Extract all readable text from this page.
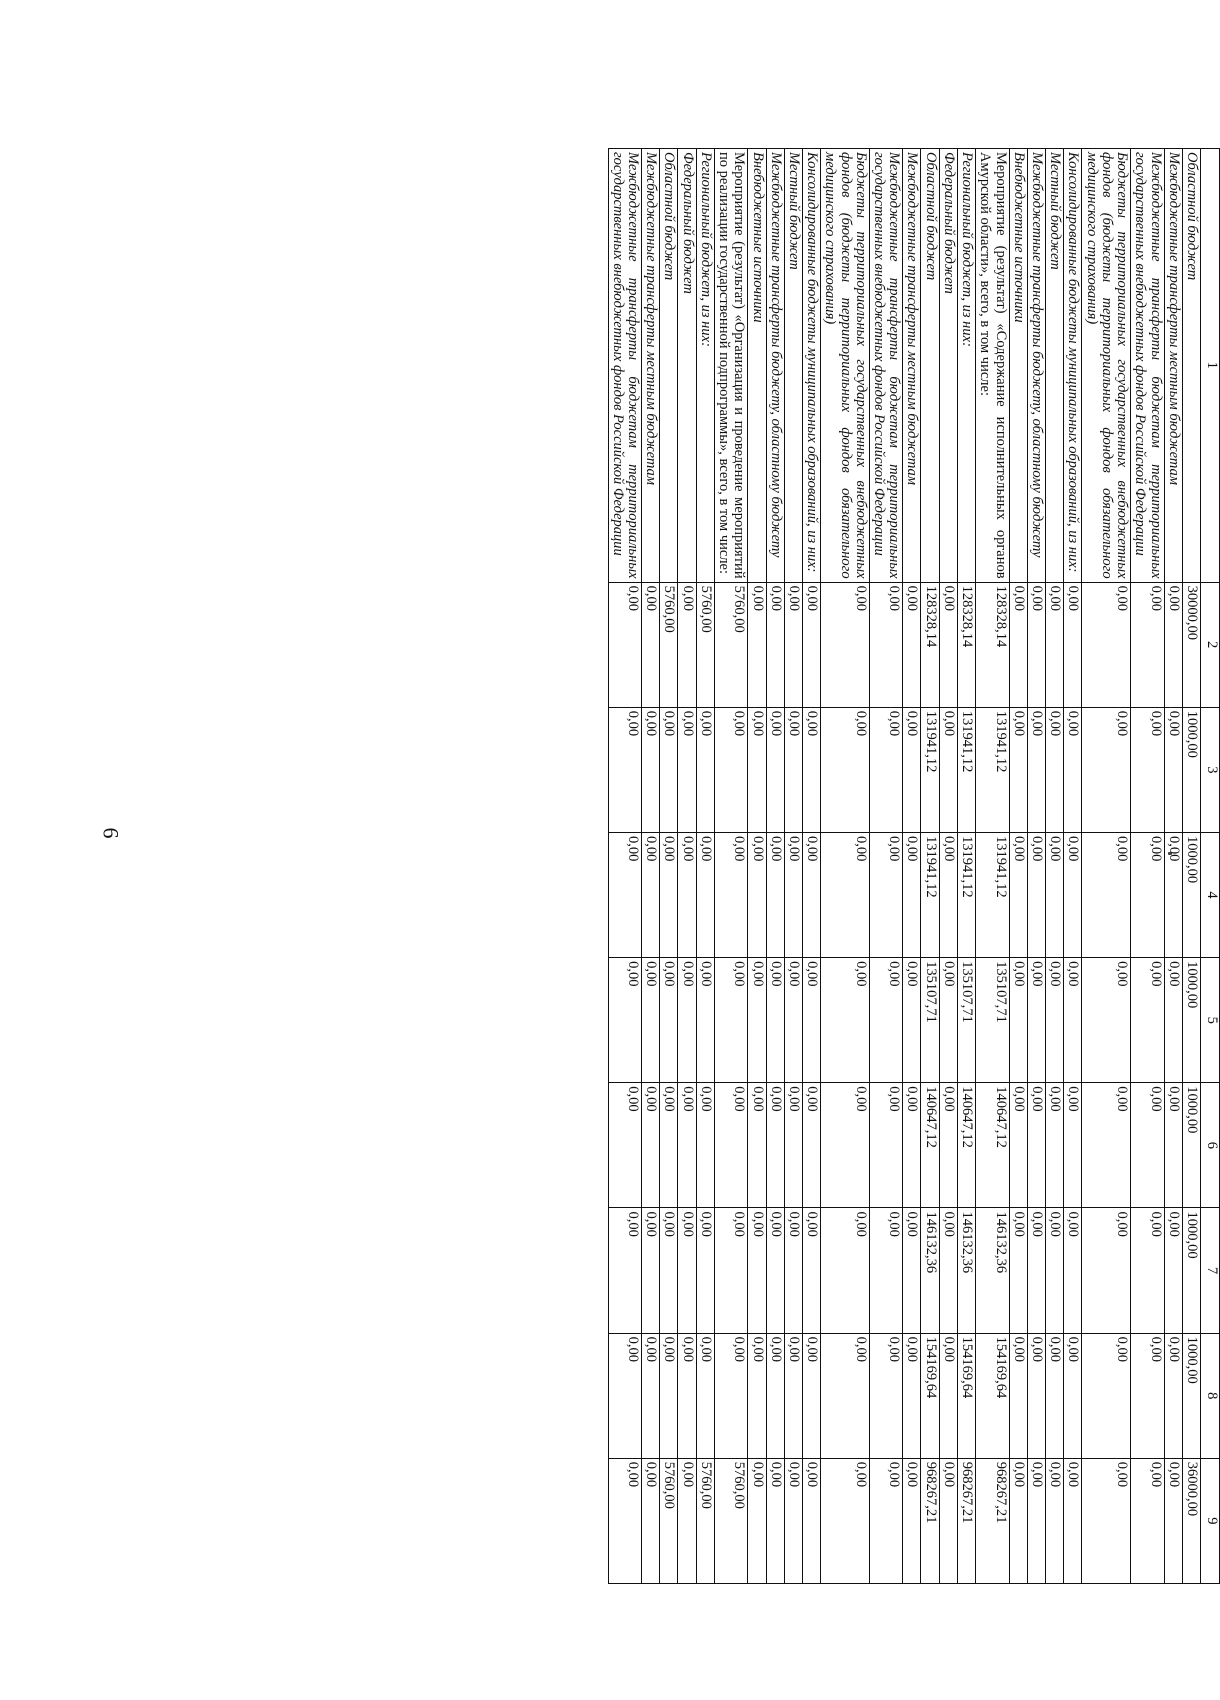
6
1	2	3	4	5	6	7	8	9
Областной бюджет	30000,00	1000,00	1000,00	1000,00	1000,00	1000,00	1000,00	36000,00
Межбюджетные трансферты местным бюджетам	0,00	0,00	0,00	0,00	0,00	0,00	0,00	0,00
Межбюджетные трансферты бюджетам территориальных государственных внебюджетных фондов Российской Федерации	0,00	0,00	0,00	0,00	0,00	0,00	0,00	0,00
Бюджеты территориальных государственных внебюджетных фондов (бюджеты территориальных фондов обязательного медицинского страхования)	0,00	0,00	0,00	0,00	0,00	0,00	0,00	0,00
Консолидированные бюджеты муниципальных образований, из них:	0,00	0,00	0,00	0,00	0,00	0,00	0,00	0,00
Местный бюджет	0,00	0,00	0,00	0,00	0,00	0,00	0,00	0,00
Межбюджетные трансферты бюджету, областному бюджету	0,00	0,00	0,00	0,00	0,00	0,00	0,00	0,00
Внебюджетные источники	0,00	0,00	0,00	0,00	0,00	0,00	0,00	0,00
Мероприятие (результат) «Содержание исполнительных органов Амурской области», всего, в том числе:	128328,14	131941,12	131941,12	135107,71	140647,12	146132,36	154169,64	968267,21
Региональный бюджет, из них:	128328,14	131941,12	131941,12	135107,71	140647,12	146132,36	154169,64	968267,21
Федеральный бюджет	0,00	0,00	0,00	0,00	0,00	0,00	0,00	0,00
Областной бюджет	128328,14	131941,12	131941,12	135107,71	140647,12	146132,36	154169,64	968267,21
Межбюджетные трансферты местным бюджетам	0,00	0,00	0,00	0,00	0,00	0,00	0,00	0,00
Межбюджетные трансферты бюджетам территориальных государственных внебюджетных фондов Российской Федерации	0,00	0,00	0,00	0,00	0,00	0,00	0,00	0,00
Бюджеты территориальных государственных внебюджетных фондов (бюджеты территориальных фондов обязательного медицинского страхования)	0,00	0,00	0,00	0,00	0,00	0,00	0,00	0,00
Консолидированные бюджеты муниципальных образований, из них:	0,00	0,00	0,00	0,00	0,00	0,00	0,00	0,00
Местный бюджет	0,00	0,00	0,00	0,00	0,00	0,00	0,00	0,00
Межбюджетные трансферты бюджету, областному бюджету	0,00	0,00	0,00	0,00	0,00	0,00	0,00	0,00
Внебюджетные источники	0,00	0,00	0,00	0,00	0,00	0,00	0,00	0,00
Мероприятие (результат) «Организация и проведение мероприятий по реализации государственной подпрограммы», всего, в том числе:	5760,00	0,00	0,00	0,00	0,00	0,00	0,00	5760,00
Региональный бюджет, из них:	5760,00	0,00	0,00	0,00	0,00	0,00	0,00	5760,00
Федеральный бюджет	0,00	0,00	0,00	0,00	0,00	0,00	0,00	0,00
Областной бюджет	5760,00	0,00	0,00	0,00	0,00	0,00	0,00	5760,00
Межбюджетные трансферты местным бюджетам	0,00	0,00	0,00	0,00	0,00	0,00	0,00	0,00
Межбюджетные трансферты бюджетам территориальных государственных внебюджетных фондов Российской Федерации	0,00	0,00	0,00	0,00	0,00	0,00	0,00	0,00
